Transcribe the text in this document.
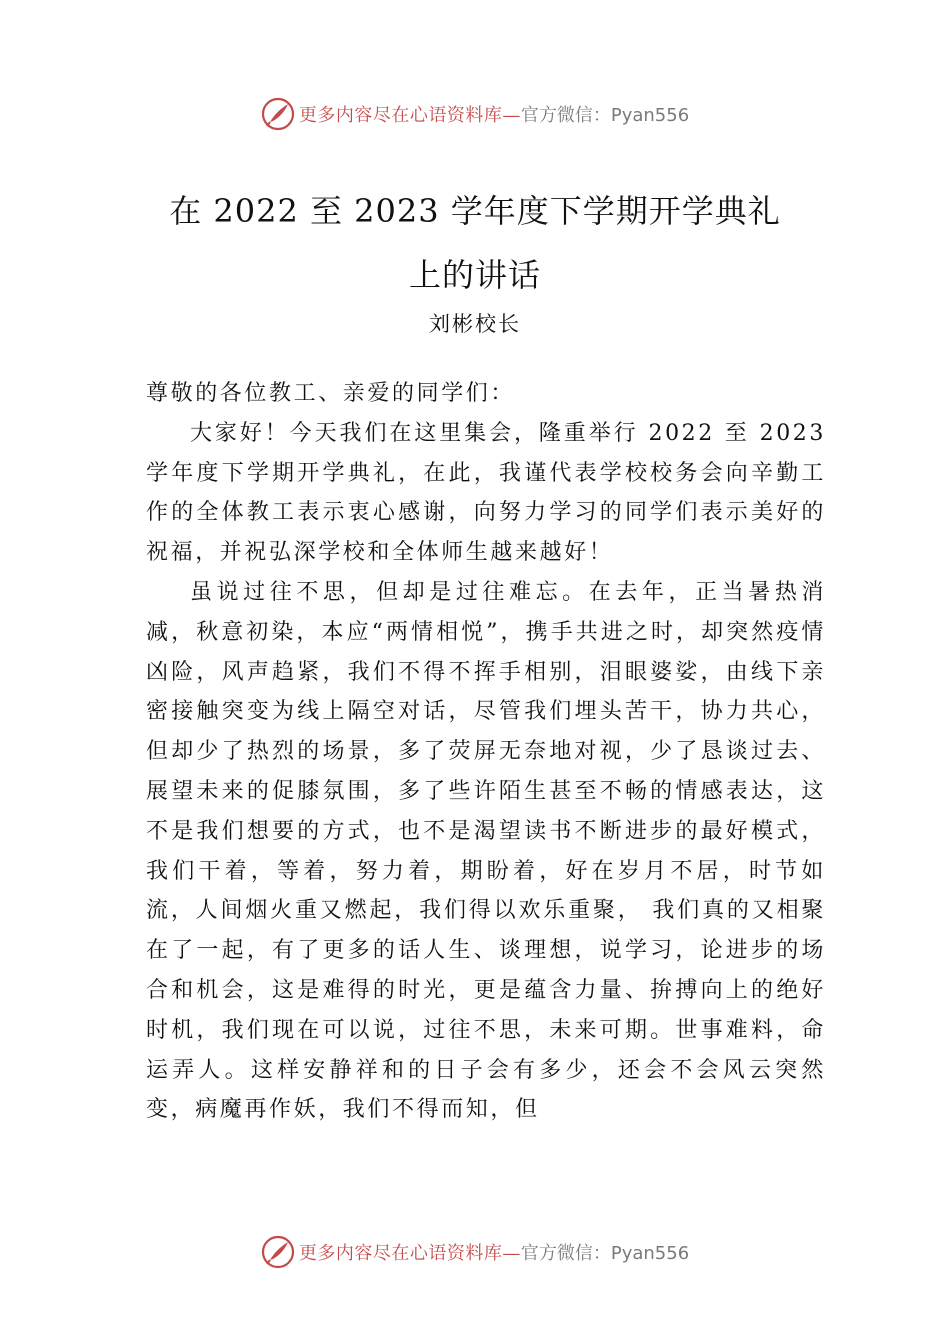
更多内容尽在心语资料库— 官方微信：Pyan556
在 2022 至 2023 学年度下学期开学典礼
上的讲话
刘彬校长

尊敬的各位教工、亲爱的同学们：

大家好！今天我们在这里集会，隆重举行 2022 至 2023 学年度下学期开学典礼，在此，我谨代表学校校务会向辛勤工作的全体教工表示衷心感谢，向努力学习的同学们表示美好的祝福，并祝弘深学校和全体师生越来越好！

虽说过往不思，但却是过往难忘。在去年，正当暑热消减，秋意初染，本应“两情相悦”，携手共进之时，却突然疫情凶险，风声趋紧，我们不得不挥手相别，泪眼婆娑，由线下亲密接触突变为线上隔空对话，尽管我们埋头苦干，协力共心，但却少了热烈的场景，多了荧屏无奈地对视，少了恳谈过去、展望未来的促膝氛围，多了些许陌生甚至不畅的情感表达，这不是我们想要的方式，也不是渴望读书不断进步的最好模式，我们干着，等着，努力着，期盼着，好在岁月不居，时节如流，人间烟火重又燃起，我们得以欢乐重聚， 我们真的又相聚在了一起，有了更多的话人生、谈理想，说学习，论进步的场合和机会，这是难得的时光，更是蕴含力量、拚搏向上的绝好时机，我们现在可以说，过往不思，未来可期。世事难料，命运弄人。这样安静祥和的日子会有多少，还会不会风云突然变，病魔再作妖，我们不得而知，但

更多内容尽在心语资料库— 官方微信：Pyan556
